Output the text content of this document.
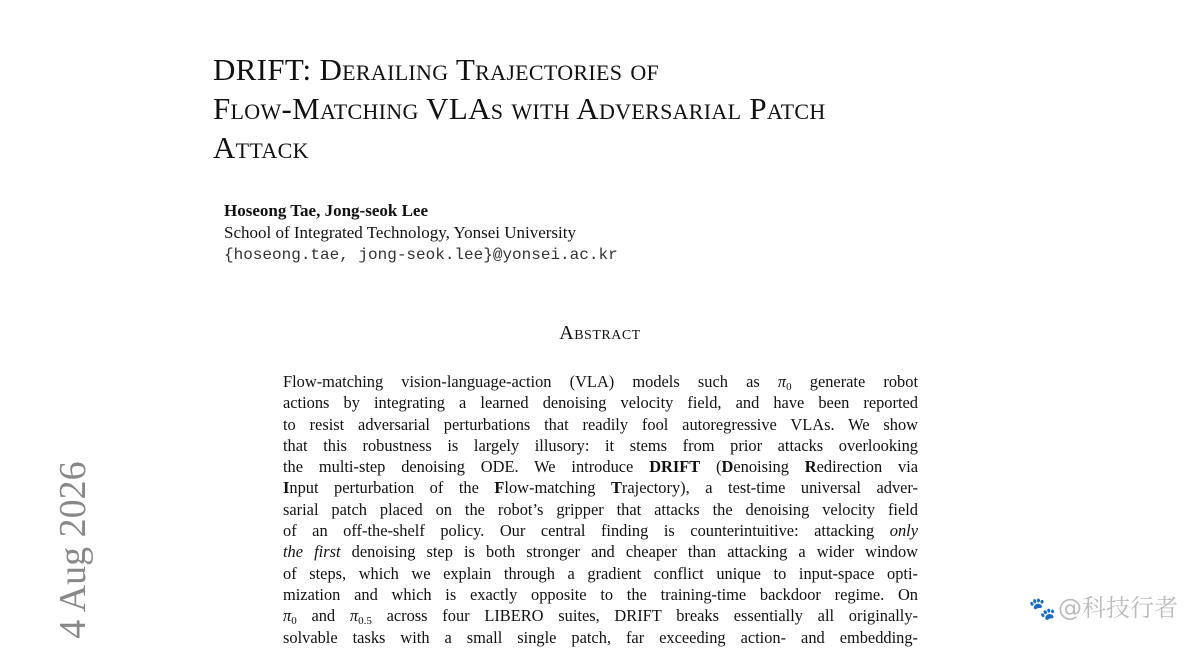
DRIFT: Derailing Trajectories of
Flow-Matching VLAs with Adversarial Patch
Attack
Hoseong Tae, Jong-seok Lee
School of Integrated Technology, Yonsei University
{hoseong.tae, jong-seok.lee}@yonsei.ac.kr
Abstract
Flow-matching vision-language-action (VLA) models such as $\pi_0$ generate robot
actions by integrating a learned denoising velocity field, and have been reported
to resist adversarial perturbations that readily fool autoregressive VLAs. We show
that this robustness is largely illusory: it stems from prior attacks overlooking
the multi-step denoising ODE. We introduce DRIFT (Denoising Redirection via
Input perturbation of the Flow-matching Trajectory), a test-time universal adver-
sarial patch placed on the robot’s gripper that attacks the denoising velocity field
of an off-the-shelf policy. Our central finding is counterintuitive: attacking only
the first denoising step is both stronger and cheaper than attacking a wider window
of steps, which we explain through a gradient conflict unique to input-space opti-
mization and which is exactly opposite to the training-time backdoor regime. On
$\pi_0$ and $\pi_{0.5}$ across four LIBERO suites, DRIFT breaks essentially all originally-
solvable tasks with a small single patch, far exceeding action- and embedding-
4 Aug 2026	🐾@科技行者
